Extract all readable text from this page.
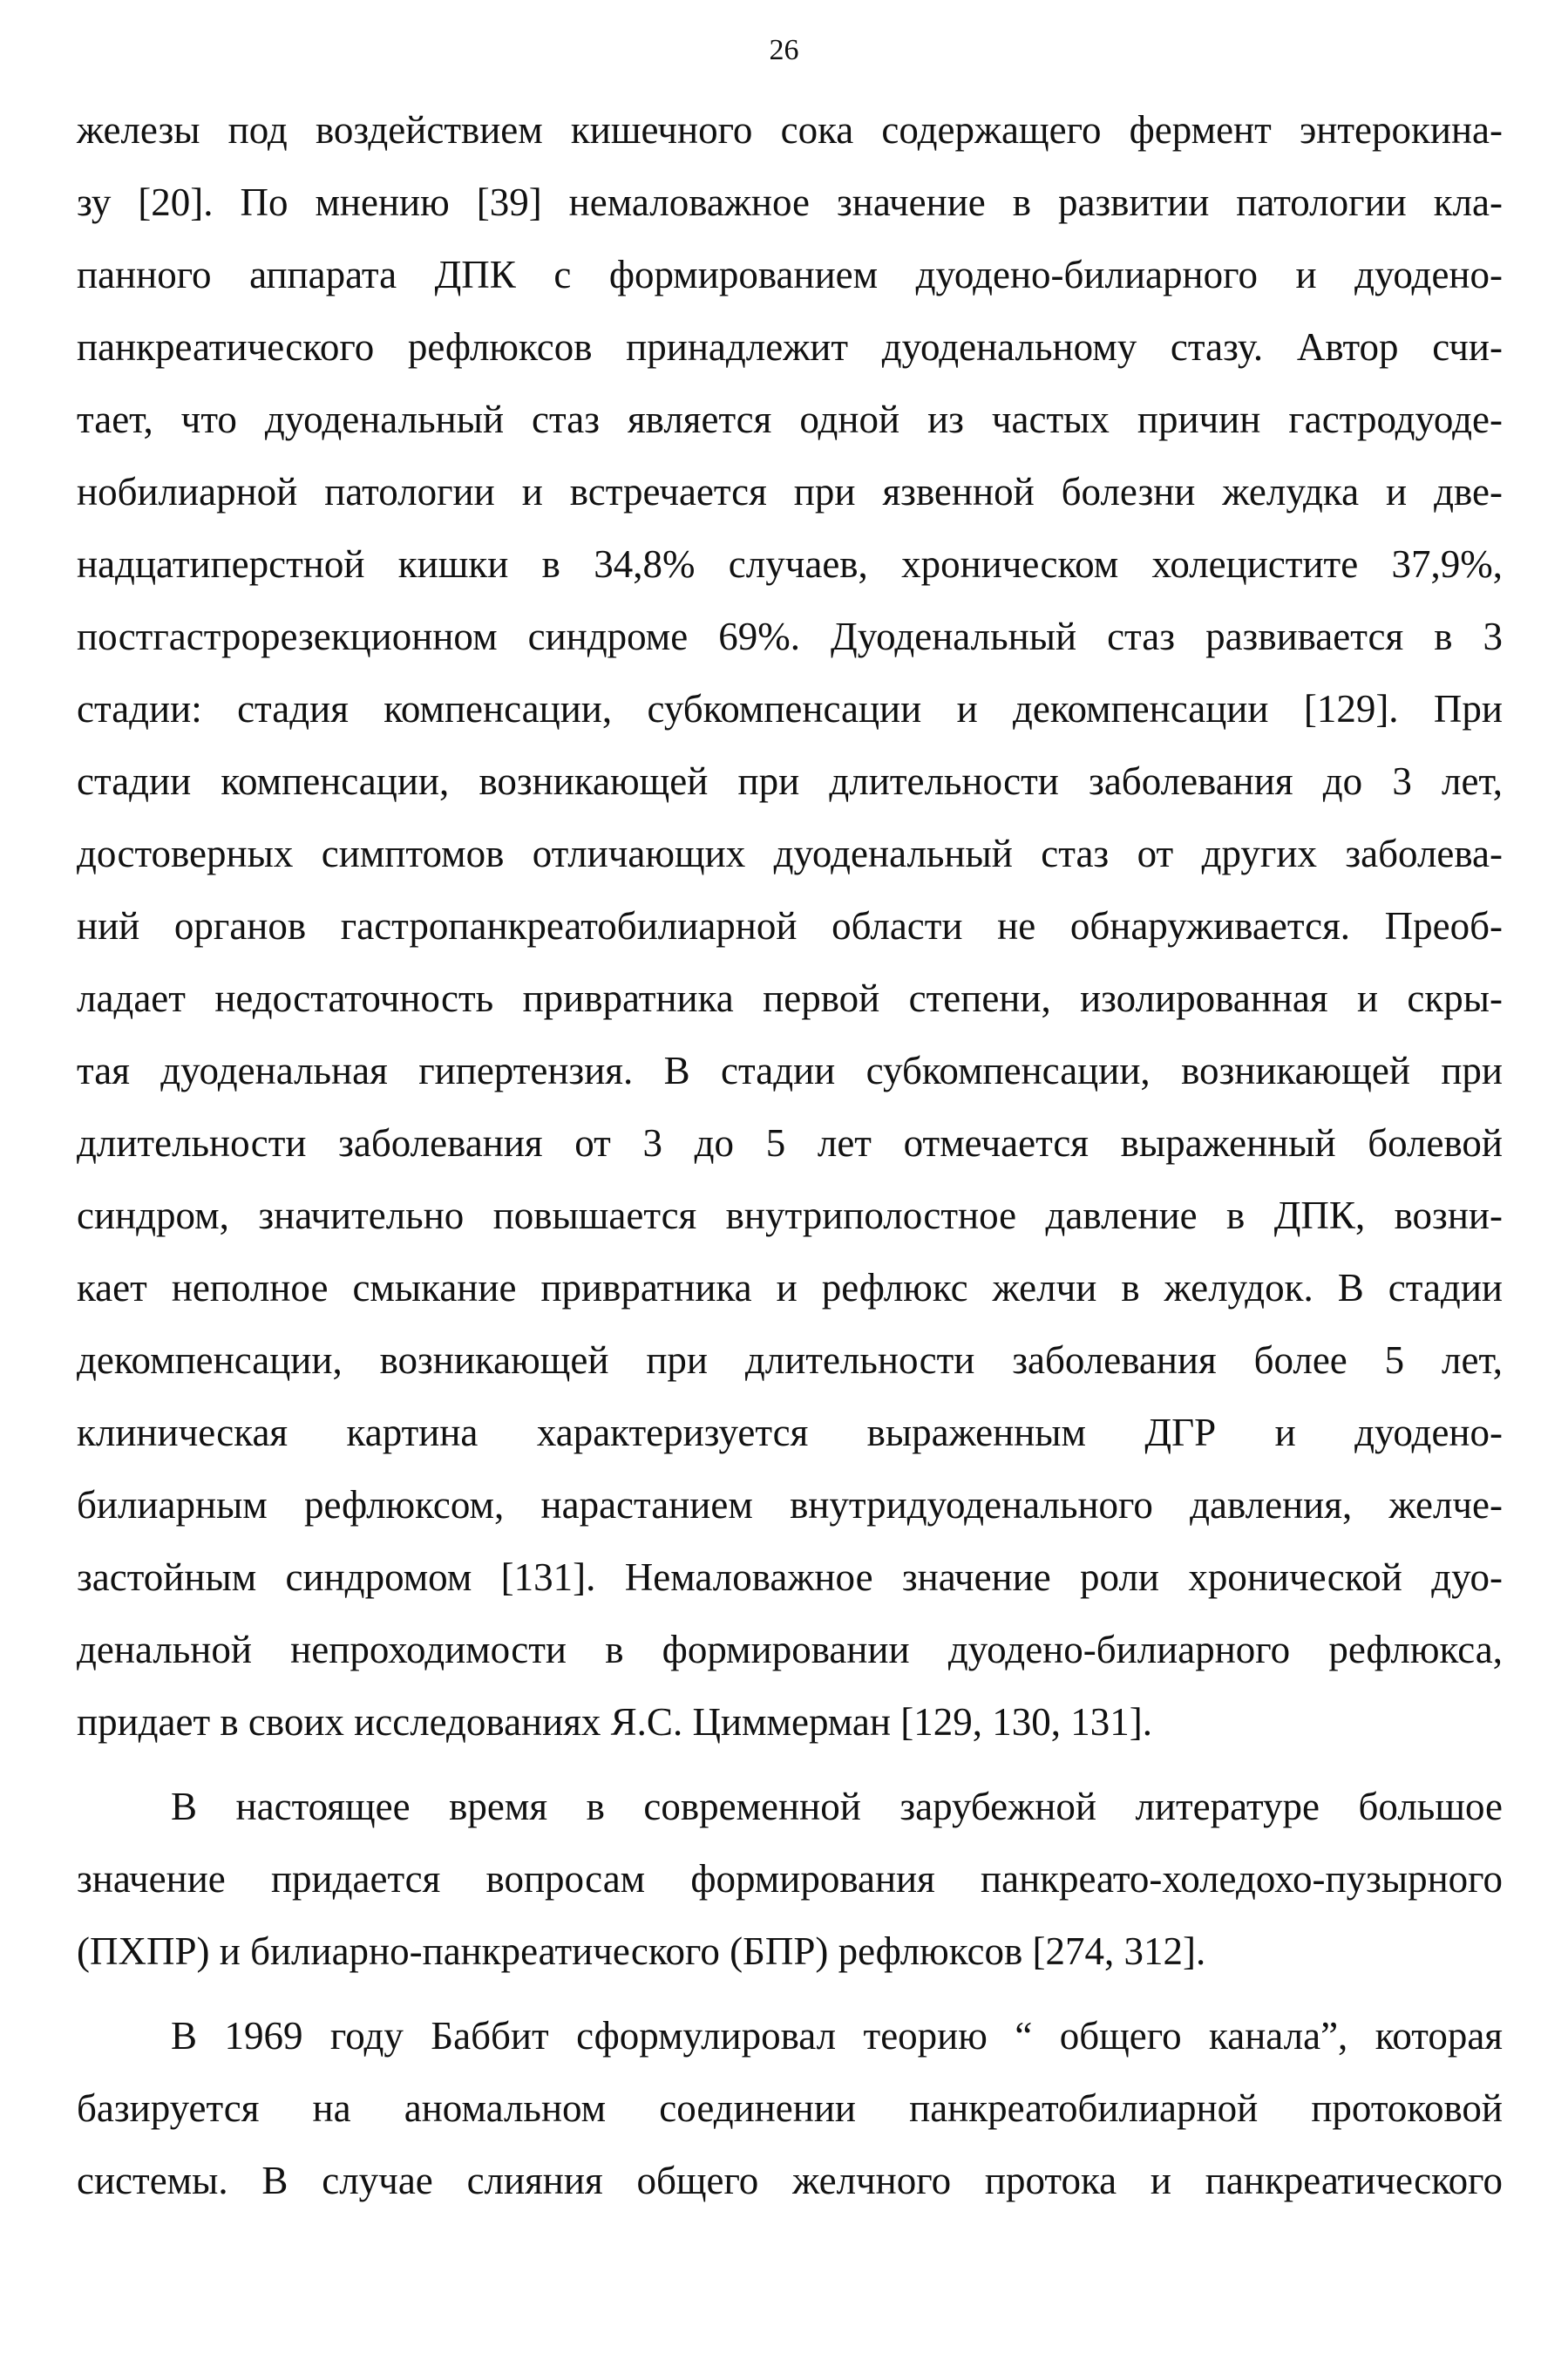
26
железы под воздействием кишечного сока содержащего фермент энтерокина-
зу [20]. По мнению [39] немаловажное значение в развитии патологии кла-
панного аппарата ДПК с формированием дуодено-билиарного и дуодено-
панкреатического рефлюксов принадлежит дуоденальному стазу. Автор счи-
тает, что дуоденальный стаз является одной из частых причин гастродуоде-
нобилиарной патологии и встречается при язвенной болезни желудка и две-
надцатиперстной кишки в 34,8% случаев, хроническом холецистите 37,9%,
постгастрорезекционном синдроме 69%. Дуоденальный стаз развивается в 3
стадии: стадия компенсации, субкомпенсации и декомпенсации [129]. При
стадии компенсации, возникающей при длительности заболевания до 3 лет,
достоверных симптомов отличающих дуоденальный стаз от других заболева-
ний органов гастропанкреатобилиарной области не обнаруживается. Преоб-
ладает недостаточность привратника первой степени, изолированная и скры-
тая дуоденальная гипертензия. В стадии субкомпенсации, возникающей при
длительности заболевания от 3 до 5 лет отмечается выраженный болевой
синдром, значительно повышается внутриполостное давление в ДПК, возни-
кает неполное смыкание привратника и рефлюкс желчи в желудок. В стадии
декомпенсации, возникающей при длительности заболевания более 5 лет,
клиническая картина характеризуется выраженным ДГР и дуодено-
билиарным рефлюксом, нарастанием внутридуоденального давления, желче-
застойным синдромом [131]. Немаловажное значение роли хронической дуо-
денальной непроходимости в формировании дуодено-билиарного рефлюкса,
придает в своих исследованиях Я.С. Циммерман [129, 130, 131].
В настоящее время в современной зарубежной литературе большое
значение придается вопросам формирования панкреато-холедохо-пузырного
(ПХПР) и билиарно-панкреатического (БПР) рефлюксов [274, 312].
В 1969 году Баббит сформулировал теорию “ общего канала”, которая
базируется на аномальном соединении панкреатобилиарной протоковой
системы. В случае слияния общего желчного протока и панкреатического
